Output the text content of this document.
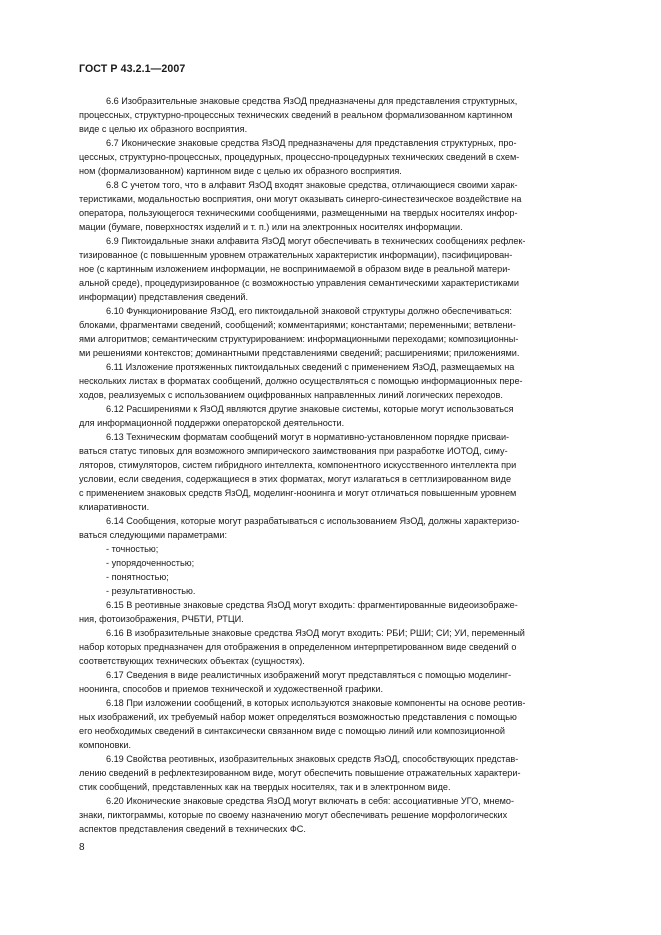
ГОСТ Р 43.2.1—2007

6.6 Изобразительные знаковые средства ЯзОД предназначены для представления структурных,
процессных, структурно-процессных технических сведений в реальном формализованном картинном
виде с целью их образного восприятия.

6.7 Иконические знаковые средства ЯзОД предназначены для представления структурных, про-
цессных, структурно-процессных, процедурных, процессно-процедурных технических сведений в схем-
ном (формализованном) картинном виде с целью их образного восприятия.

6.8 С учетом того, что в алфавит ЯзОД входят знаковые средства, отличающиеся своими харак-
теристиками, модальностью восприятия, они могут оказывать синерго-синестезическое воздействие на
оператора, пользующегося техническими сообщениями, размещенными на твердых носителях инфор-
мации (бумаге, поверхностях изделий и т. п.) или на электронных носителях информации.

6.9 Пиктоидальные знаки алфавита ЯзОД могут обеспечивать в технических сообщениях рефлек-
тизированное (с повышенным уровнем отражательных характеристик информации), пэсифицирован-
ное (с картинным изложением информации, не воспринимаемой в образом виде в реальной матери-
альной среде), процедуризированное (с возможностью управления семантическими характеристиками
информации) представления сведений.

6.10 Функционирование ЯзОД, его пиктоидальной знаковой структуры должно обеспечиваться:
блоками, фрагментами сведений, сообщений; комментариями; константами; переменными; ветвлени-
ями алгоритмов; семантическим структурированием: информационными переходами; композиционны-
ми решениями контекстов; доминантными представлениями сведений; расширениями; приложениями.

6.11 Изложение протяженных пиктоидальных сведений с применением ЯзОД, размещаемых на
нескольких листах в форматах сообщений, должно осуществляться с помощью информационных пере-
ходов, реализуемых с использованием оцифрованных направленных линий логических переходов.

6.12 Расширениями к ЯзОД являются другие знаковые системы, которые могут использоваться
для информационной поддержки операторской деятельности.

6.13 Техническим форматам сообщений могут в нормативно-установленном порядке присваи-
ваться статус типовых для возможного эмпирического заимствования при разработке ИОТОД, симу-
ляторов, стимуляторов, систем гибридного интеллекта, компонентного искусственного интеллекта при
условии, если сведения, содержащиеся в этих форматах, могут излагаться в сеттлизированном виде
с применением знаковых средств ЯзОД, моделинг-ноонинга и могут отличаться повышенным уровнем
клиаративности.

6.14 Сообщения, которые могут разрабатываться с использованием ЯзОД, должны характеризо-
ваться следующими параметрами:

- точностью;

- упорядоченностью;

- понятностью;

- результативностью.

6.15 В реотивные знаковые средства ЯзОД могут входить: фрагментированные видеоизображе-
ния, фотоизображения, РЧБТИ, РТЦИ.

6.16 В изобразительные знаковые средства ЯзОД могут входить: РБИ; РШИ; СИ; УИ, переменный
набор которых предназначен для отображения в определенном интерпретированном виде сведений о
соответствующих технических объектах (сущностях).

6.17 Сведения в виде реалистичных изображений могут представляться с помощью моделинг-
ноонинга, способов и приемов технической и художественной графики.

6.18 При изложении сообщений, в которых используются знаковые компоненты на основе реотив-
ных изображений, их требуемый набор может определяться возможностью представления с помощью
его необходимых сведений в синтаксически связанном виде с помощью линий или композиционной
компоновки.

6.19 Свойства реотивных, изобразительных знаковых средств ЯзОД, способствующих представ-
лению сведений в рефлектезированном виде, могут обеспечить повышение отражательных характери-
стик сообщений, представленных как на твердых носителях, так и в электронном виде.

6.20 Иконические знаковые средства ЯзОД могут включать в себя: ассоциативные УГО, мнемо-
знаки, пиктограммы, которые по своему назначению могут обеспечивать решение морфологических
аспектов представления сведений в технических ФС.

8
